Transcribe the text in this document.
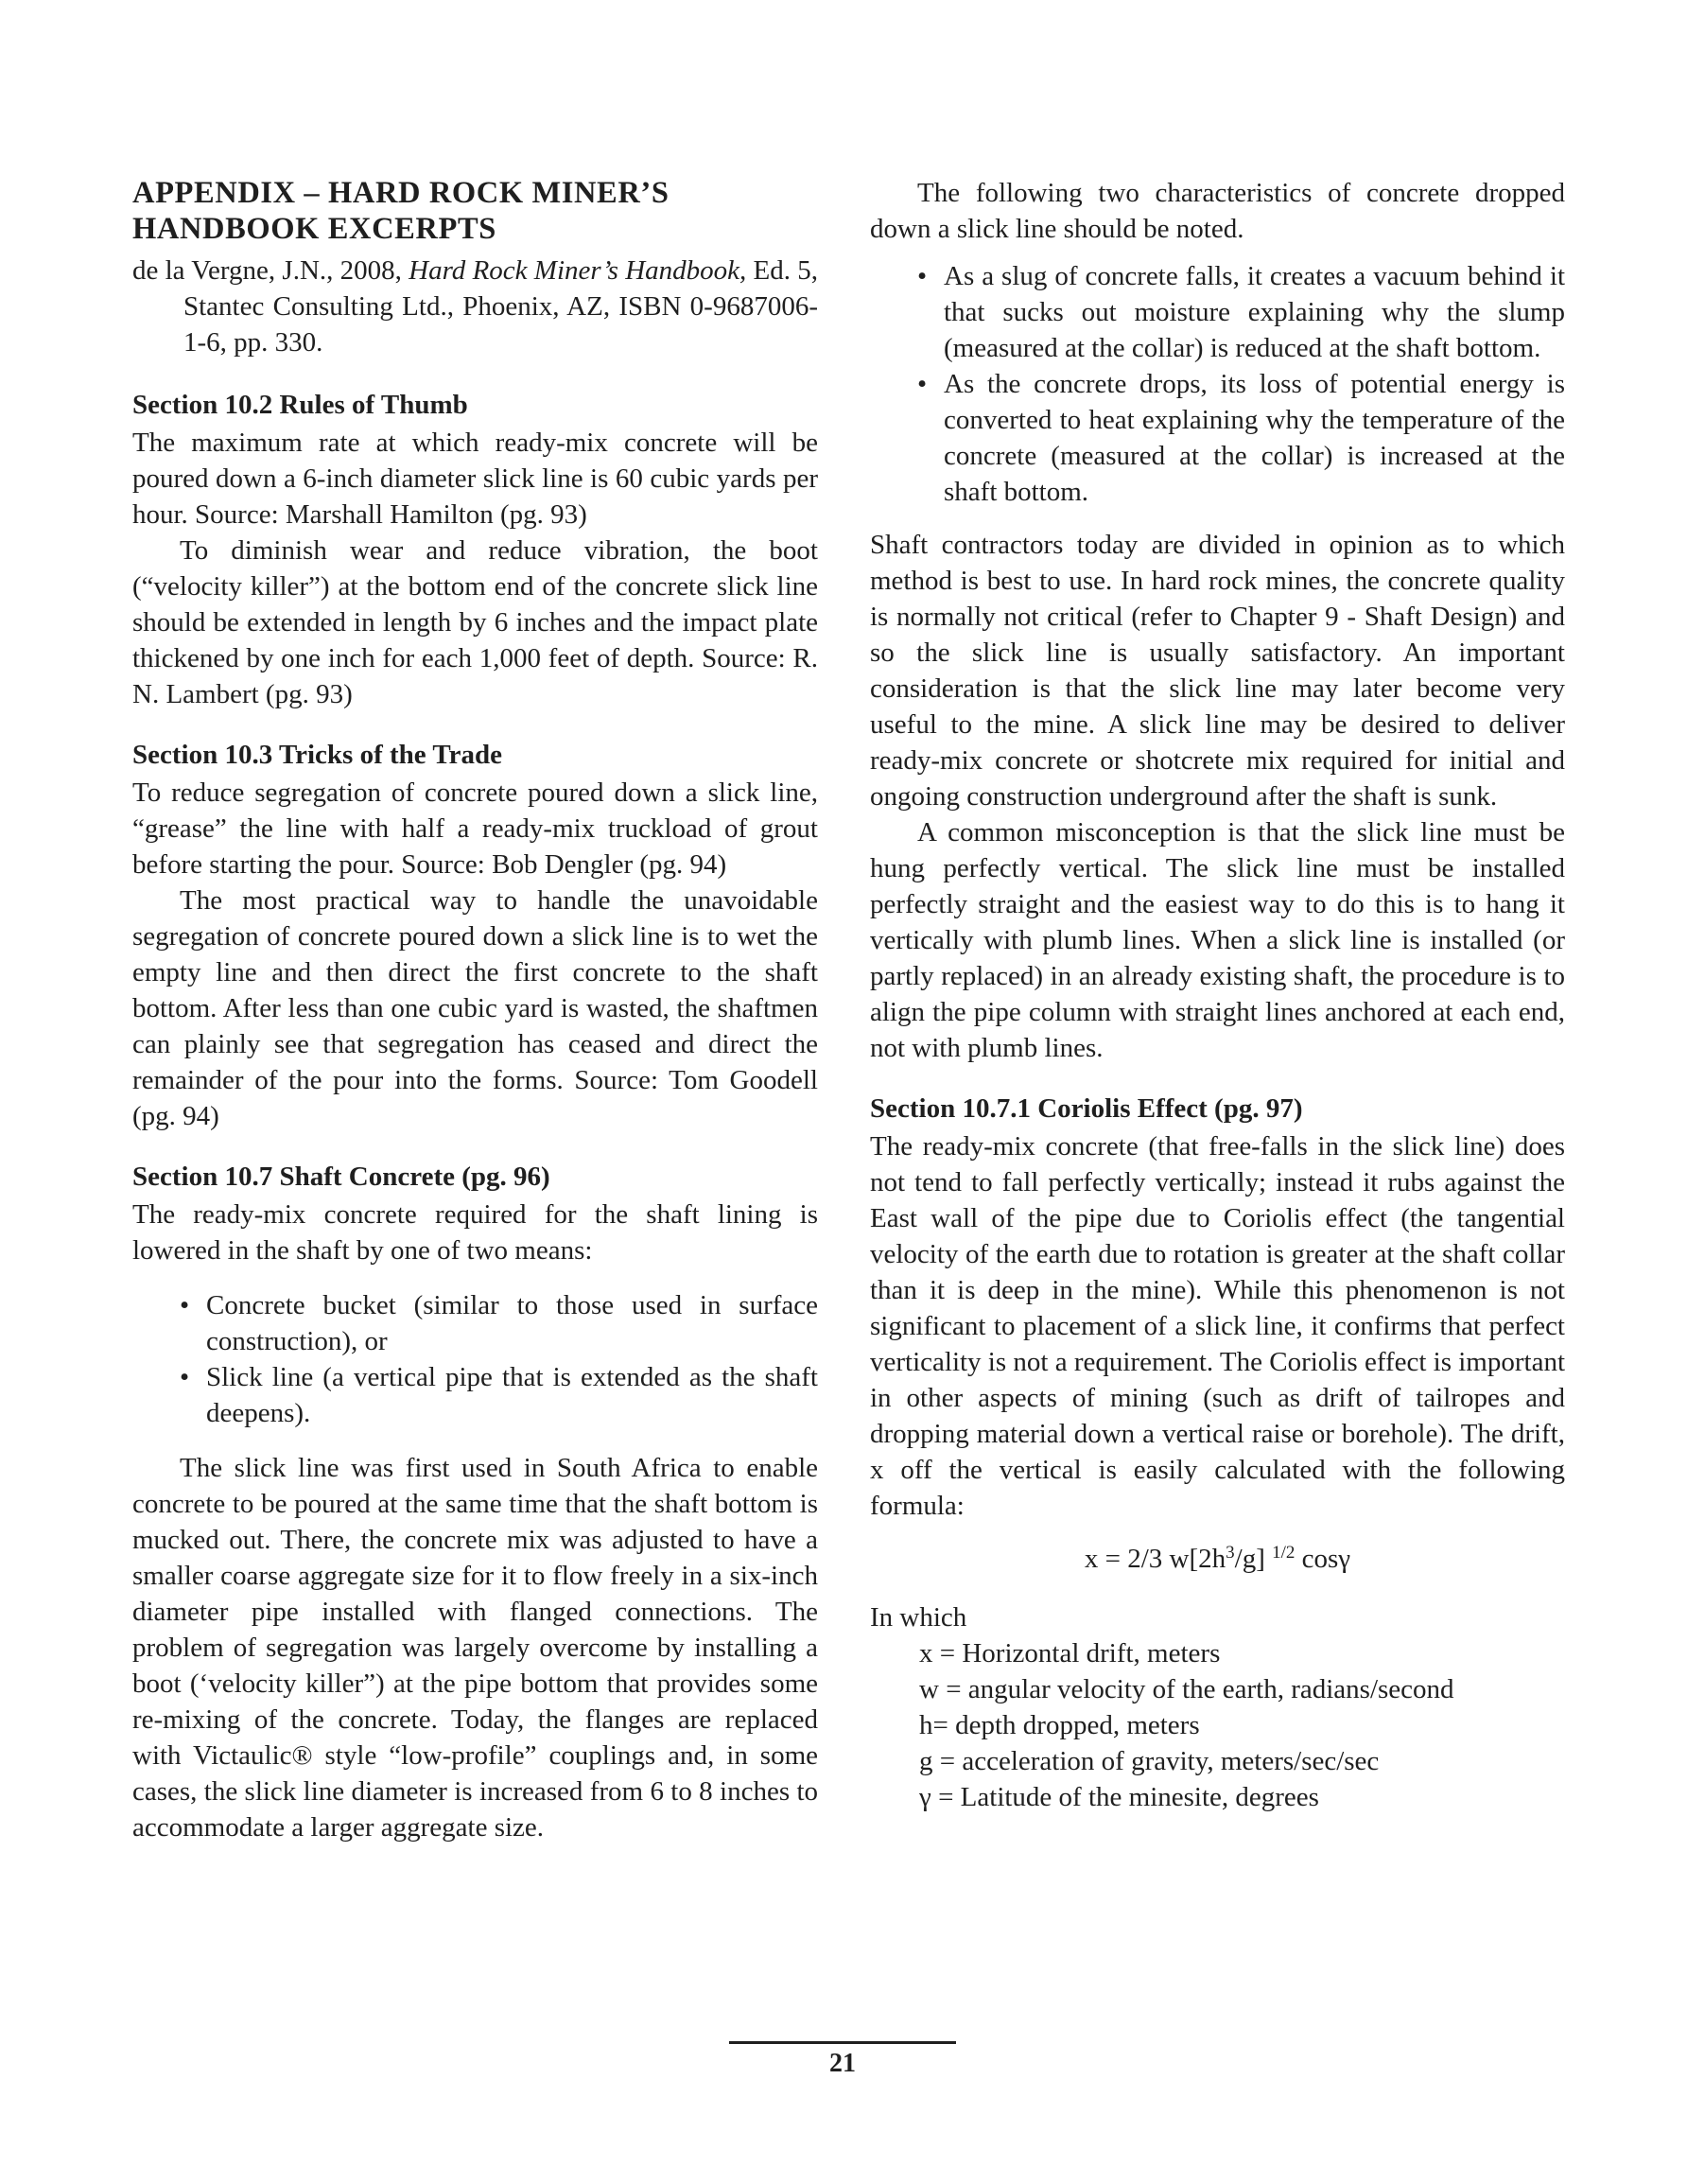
APPENDIX – HARD ROCK MINER’S
HANDBOOK EXCERPTS

de la Vergne, J.N., 2008, Hard Rock Miner’s Handbook, Ed. 5, Stantec Consulting Ltd., Phoenix, AZ, ISBN 0-9687006-1-6, pp. 330.

Section 10.2 Rules of Thumb

The maximum rate at which ready-mix concrete will be poured down a 6-inch diameter slick line is 60 cubic yards per hour. Source: Marshall Hamilton (pg. 93)

To diminish wear and reduce vibration, the boot (“velocity killer”) at the bottom end of the concrete slick line should be extended in length by 6 inches and the impact plate thickened by one inch for each 1,000 feet of depth. Source: R. N. Lambert (pg. 93)

Section 10.3 Tricks of the Trade

To reduce segregation of concrete poured down a slick line, “grease” the line with half a ready-mix truckload of grout before starting the pour. Source: Bob Dengler (pg. 94)

The most practical way to handle the unavoidable segregation of concrete poured down a slick line is to wet the empty line and then direct the first concrete to the shaft bottom. After less than one cubic yard is wasted, the shaftmen can plainly see that segregation has ceased and direct the remainder of the pour into the forms. Source: Tom Goodell (pg. 94)

Section 10.7 Shaft Concrete (pg. 96)

The ready-mix concrete required for the shaft lining is lowered in the shaft by one of two means:

• Concrete bucket (similar to those used in surface construction), or
• Slick line (a vertical pipe that is extended as the shaft deepens).

The slick line was first used in South Africa to enable concrete to be poured at the same time that the shaft bottom is mucked out. There, the concrete mix was adjusted to have a smaller coarse aggregate size for it to flow freely in a six-inch diameter pipe installed with flanged connections. The problem of segregation was largely overcome by installing a boot (‘velocity killer”) at the pipe bottom that provides some re-mixing of the concrete. Today, the flanges are replaced with Victaulic® style “low-profile” couplings and, in some cases, the slick line diameter is increased from 6 to 8 inches to accommodate a larger aggregate size.

The following two characteristics of concrete dropped down a slick line should be noted.

• As a slug of concrete falls, it creates a vacuum behind it that sucks out moisture explaining why the slump (measured at the collar) is reduced at the shaft bottom.
• As the concrete drops, its loss of potential energy is converted to heat explaining why the temperature of the concrete (measured at the collar) is increased at the shaft bottom.

Shaft contractors today are divided in opinion as to which method is best to use. In hard rock mines, the concrete quality is normally not critical (refer to Chapter 9 - Shaft Design) and so the slick line is usually satisfactory. An important consideration is that the slick line may later become very useful to the mine. A slick line may be desired to deliver ready-mix concrete or shotcrete mix required for initial and ongoing construction underground after the shaft is sunk.

A common misconception is that the slick line must be hung perfectly vertical. The slick line must be installed perfectly straight and the easiest way to do this is to hang it vertically with plumb lines. When a slick line is installed (or partly replaced) in an already existing shaft, the procedure is to align the pipe column with straight lines anchored at each end, not with plumb lines.

Section 10.7.1 Coriolis Effect (pg. 97)

The ready-mix concrete (that free-falls in the slick line) does not tend to fall perfectly vertically; instead it rubs against the East wall of the pipe due to Coriolis effect (the tangential velocity of the earth due to rotation is greater at the shaft collar than it is deep in the mine). While this phenomenon is not significant to placement of a slick line, it confirms that perfect verticality is not a requirement. The Coriolis effect is important in other aspects of mining (such as drift of tailropes and dropping material down a vertical raise or borehole). The drift, x off the vertical is easily calculated with the following formula:

x = 2/3 $w[2h^3/g]$ $^{1/2}$ cosγ

In which

x = Horizontal drift, meters

w = angular velocity of the earth, radians/second

h= depth dropped, meters

g = acceleration of gravity, meters/sec/sec

γ = Latitude of the minesite, degrees

21
